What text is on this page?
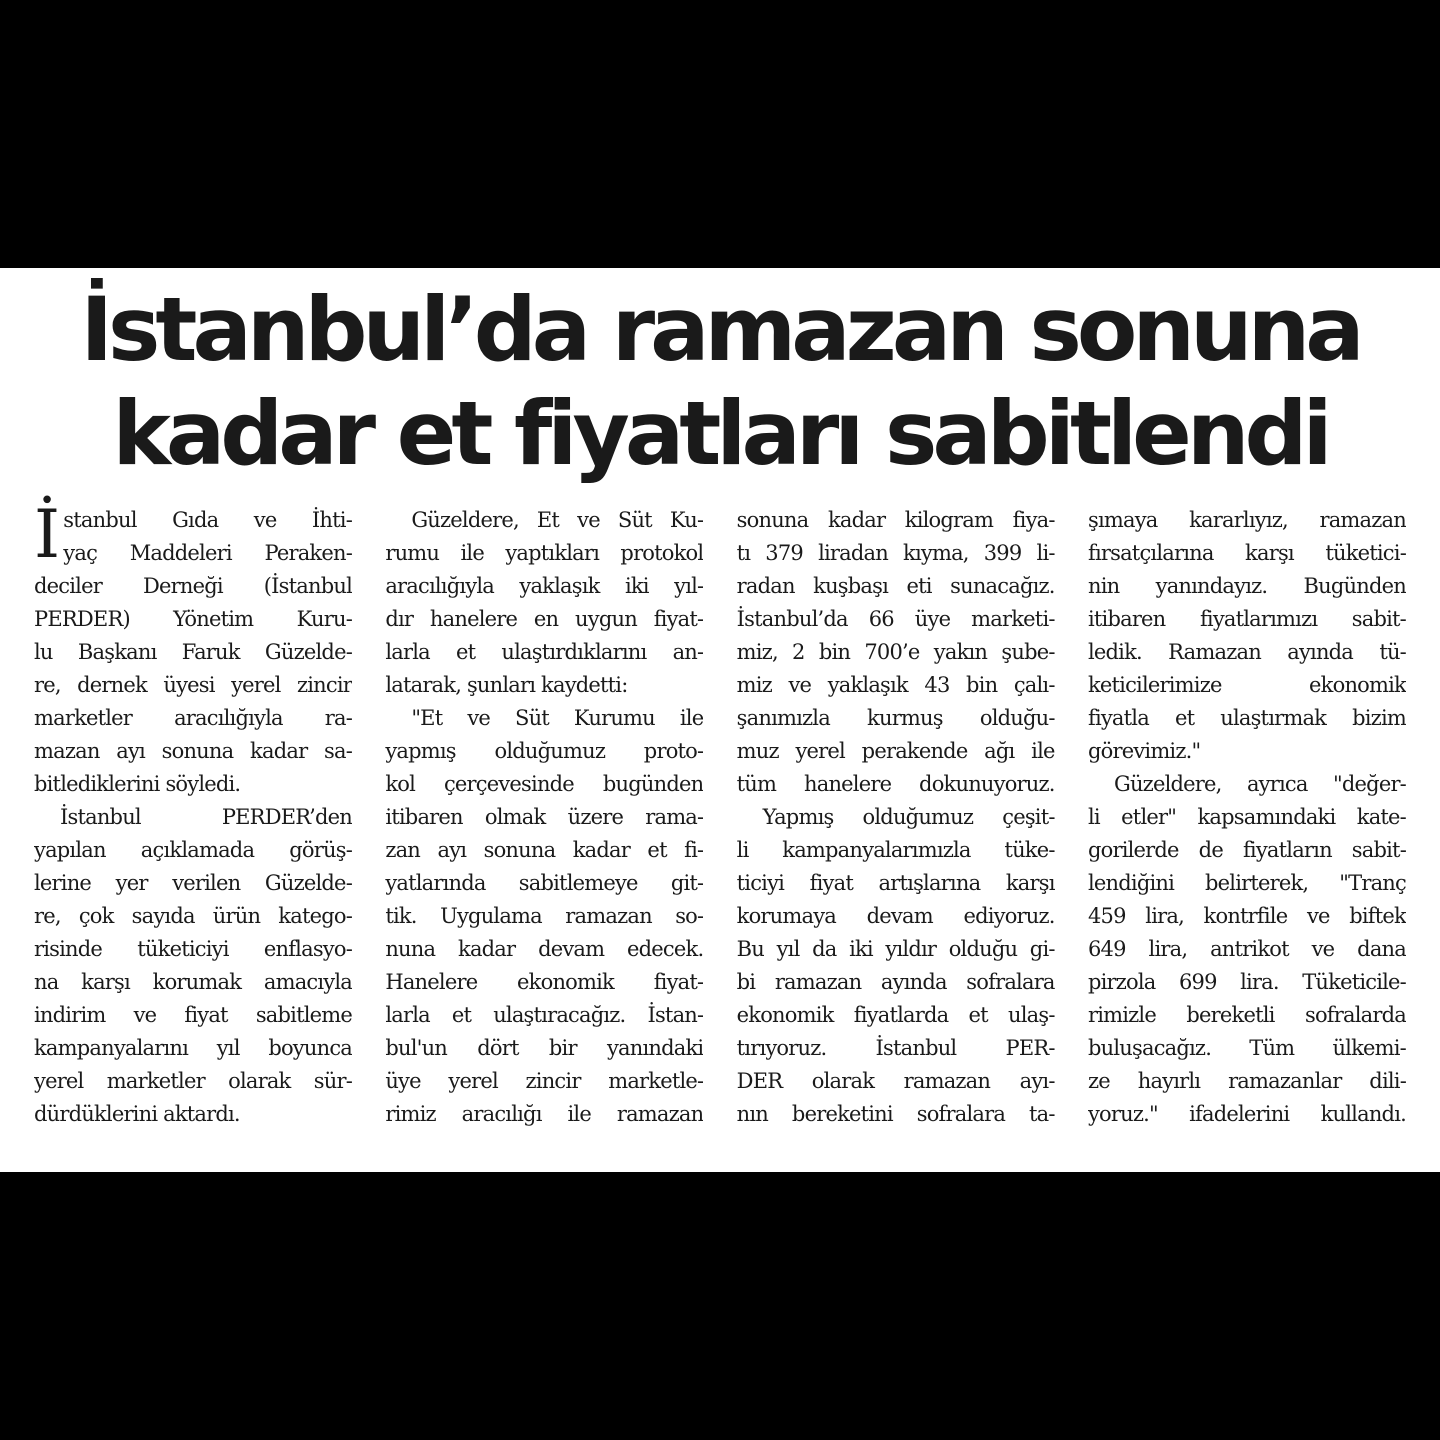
İstanbul’da ramazan sonuna
kadar et fiyatları sabitlendi
İ stanbul Gıda ve İhti-
yaç Maddeleri Peraken-
deciler Derneği (İstanbul
PERDER) Yönetim Kuru-
lu Başkanı Faruk Güzelde-
re, dernek üyesi yerel zincir
marketler aracılığıyla ra-
mazan ayı sonuna kadar sa-
bitlediklerini söyledi.
İstanbul PERDER’den
yapılan açıklamada görüş-
lerine yer verilen Güzelde-
re, çok sayıda ürün katego-
risinde tüketiciyi enflasyo-
na karşı korumak amacıyla
indirim ve fiyat sabitleme
kampanyalarını yıl boyunca
yerel marketler olarak sür-
dürdüklerini aktardı.
Güzeldere, Et ve Süt Ku-
rumu ile yaptıkları protokol
aracılığıyla yaklaşık iki yıl-
dır hanelere en uygun fiyat-
larla et ulaştırdıklarını an-
latarak, şunları kaydetti:
"Et ve Süt Kurumu ile
yapmış olduğumuz proto-
kol çerçevesinde bugünden
itibaren olmak üzere rama-
zan ayı sonuna kadar et fi-
yatlarında sabitlemeye git-
tik. Uygulama ramazan so-
nuna kadar devam edecek.
Hanelere ekonomik fiyat-
larla et ulaştıracağız. İstan-
bul'un dört bir yanındaki
üye yerel zincir marketle-
rimiz aracılığı ile ramazan
sonuna kadar kilogram fiya-
tı 379 liradan kıyma, 399 li-
radan kuşbaşı eti sunacağız.
İstanbul’da 66 üye marketi-
miz, 2 bin 700’e yakın şube-
miz ve yaklaşık 43 bin çalı-
şanımızla kurmuş olduğu-
muz yerel perakende ağı ile
tüm hanelere dokunuyoruz.
Yapmış olduğumuz çeşit-
li kampanyalarımızla tüke-
ticiyi fiyat artışlarına karşı
korumaya devam ediyoruz.
Bu yıl da iki yıldır olduğu gi-
bi ramazan ayında sofralara
ekonomik fiyatlarda et ulaş-
tırıyoruz. İstanbul PER-
DER olarak ramazan ayı-
nın bereketini sofralara ta-
şımaya kararlıyız, ramazan
fırsatçılarına karşı tüketici-
nin yanındayız. Bugünden
itibaren fiyatlarımızı sabit-
ledik. Ramazan ayında tü-
keticilerimize ekonomik
fiyatla et ulaştırmak bizim
görevimiz."
Güzeldere, ayrıca "değer-
li etler" kapsamındaki kate-
gorilerde de fiyatların sabit-
lendiğini belirterek, "Tranç
459 lira, kontrfile ve biftek
649 lira, antrikot ve dana
pirzola 699 lira. Tüketicile-
rimizle bereketli sofralarda
buluşacağız. Tüm ülkemi-
ze hayırlı ramazanlar dili-
yoruz." ifadelerini kullandı.
